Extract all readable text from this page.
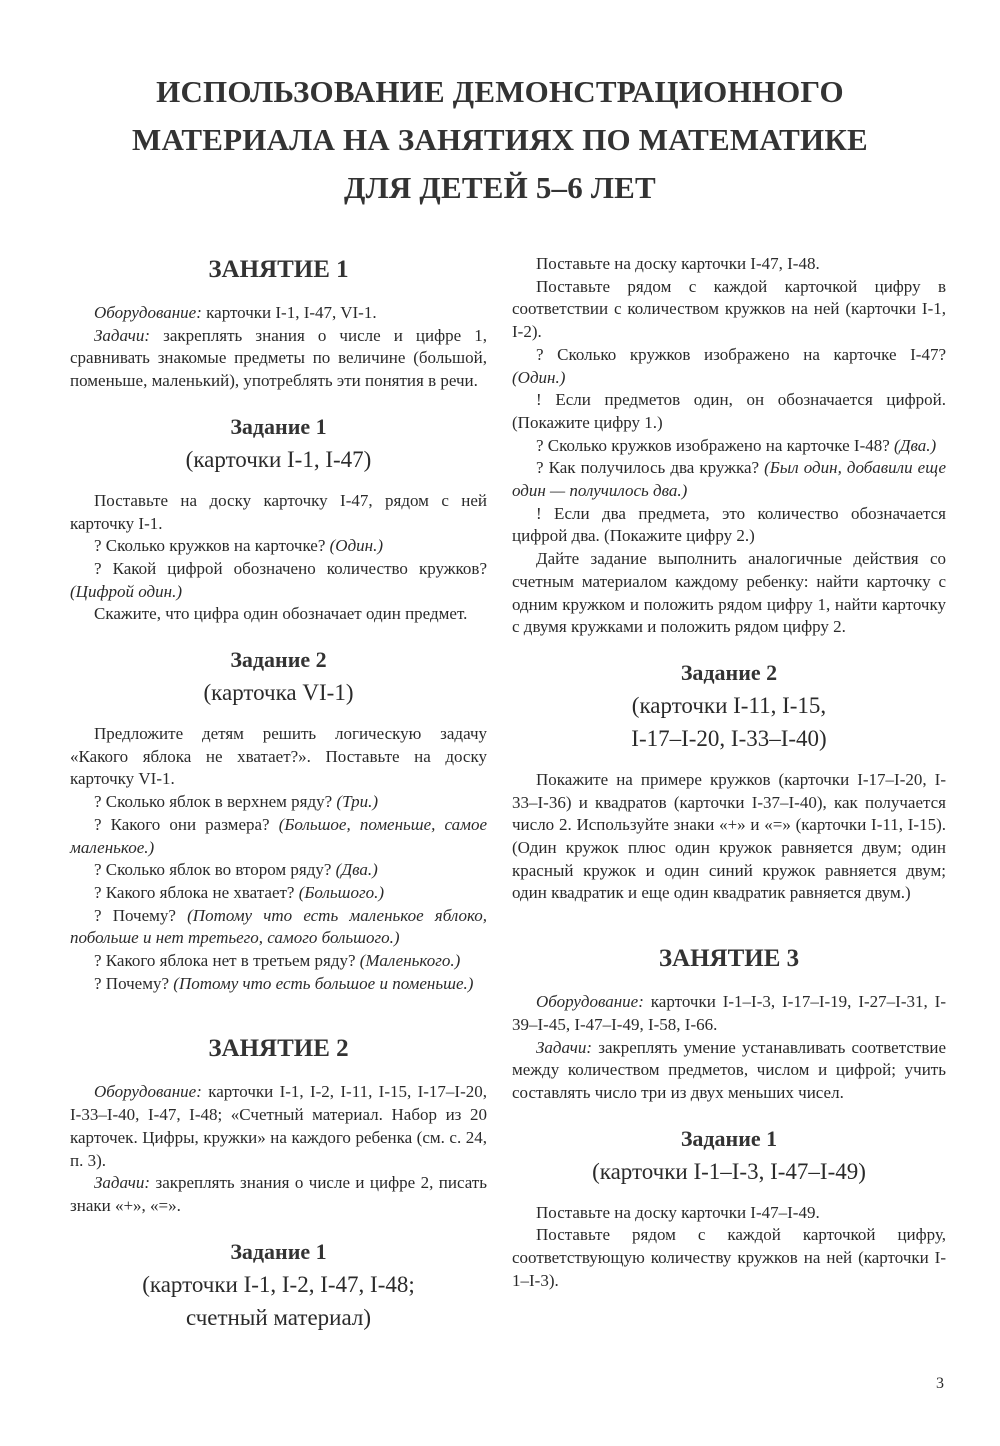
ИСПОЛЬЗОВАНИЕ ДЕМОНСТРАЦИОННОГО
МАТЕРИАЛА НА ЗАНЯТИЯХ ПО МАТЕМАТИКЕ
ДЛЯ ДЕТЕЙ 5–6 ЛЕТ
ЗАНЯТИЕ 1

Оборудование: карточки I-1, I-47, VI-1.

Задачи: закреплять знания о числе и цифре 1, сравнивать знакомые предметы по величине (большой, поменьше, маленький), употреблять эти понятия в речи.

Задание 1
(карточки I-1, I-47)

Поставьте на доску карточку I-47, рядом с ней карточку I-1.

? Сколько кружков на карточке? (Один.)

? Какой цифрой обозначено количество кружков? (Цифрой один.)

Скажите, что цифра один обозначает один предмет.

Задание 2
(карточка VI-1)

Предложите детям решить логическую задачу «Какого яблока не хватает?». Поставьте на доску карточку VI-1.

? Сколько яблок в верхнем ряду? (Три.)

? Какого они размера? (Большое, поменьше, самое маленькое.)

? Сколько яблок во втором ряду? (Два.)

? Какого яблока не хватает? (Большого.)

? Почему? (Потому что есть маленькое яблоко, побольше и нет третьего, самого большого.)

? Какого яблока нет в третьем ряду? (Маленького.)

? Почему? (Потому что есть большое и поменьше.)

ЗАНЯТИЕ 2

Оборудование: карточки I-1, I-2, I-11, I-15, I-17–I-20, I-33–I-40, I-47, I-48; «Счетный материал. Набор из 20 карточек. Цифры, кружки» на каждого ребенка (см. с. 24, п. 3).

Задачи: закреплять знания о числе и цифре 2, писать знаки «+», «=».

Задание 1
(карточки I-1, I-2, I-47, I-48;
счетный материал)

Поставьте на доску карточки I-47, I-48.

Поставьте рядом с каждой карточкой цифру в соответствии с количеством кружков на ней (карточки I-1, I-2).

? Сколько кружков изображено на карточке I-47? (Один.)

! Если предметов один, он обозначается цифрой. (Покажите цифру 1.)

? Сколько кружков изображено на карточке I-48? (Два.)

? Как получилось два кружка? (Был один, добавили еще один — получилось два.)

! Если два предмета, это количество обозначается цифрой два. (Покажите цифру 2.)

Дайте задание выполнить аналогичные действия со счетным материалом каждому ребенку: найти карточку с одним кружком и положить рядом цифру 1, найти карточку с двумя кружками и положить рядом цифру 2.

Задание 2
(карточки I-11, I-15,
I-17–I-20, I-33–I-40)

Покажите на примере кружков (карточки I-17–I-20, I-33–I-36) и квадратов (карточки I-37–I-40), как получается число 2. Используйте знаки «+» и «=» (карточки I-11, I-15). (Один кружок плюс один кружок равняется двум; один красный кружок и один синий кружок равняется двум; один квадратик и еще один квадратик равняется двум.)

ЗАНЯТИЕ 3

Оборудование: карточки I-1–I-3, I-17–I-19, I-27–I-31, I-39–I-45, I-47–I-49, I-58, I-66.

Задачи: закреплять умение устанавливать соответствие между количеством предметов, числом и цифрой; учить составлять число три из двух меньших чисел.

Задание 1
(карточки I-1–I-3, I-47–I-49)

Поставьте на доску карточки I-47–I-49.

Поставьте рядом с каждой карточкой цифру, соответствующую количеству кружков на ней (карточки I-1–I-3).

3
